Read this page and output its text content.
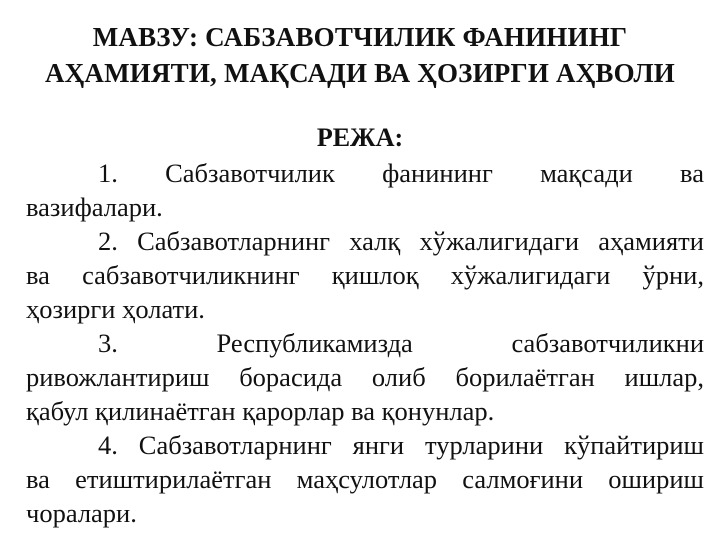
МАВЗУ: САБЗАВОТЧИЛИК ФАНИНИНГ
АҲАМИЯТИ, МАҚСАДИ ВА ҲОЗИРГИ АҲВОЛИ
РЕЖА:
1. Сабзавотчилик фанининг мақсади ва
вазифалари.
2. Сабзавотларнинг халқ хўжалигидаги аҳамияти
ва сабзавотчиликнинг қишлоқ хўжалигидаги ўрни,
ҳозирги ҳолати.
3.	Республикамизда	сабзавотчиликни
ривожлантириш борасида олиб борилаётган ишлар,
қабул қилинаётган қарорлар ва қонунлар.
4. Сабзавотларнинг янги турларини кўпайтириш
ва етиштирилаётган маҳсулотлар салмоғини ошириш
чоралари.
